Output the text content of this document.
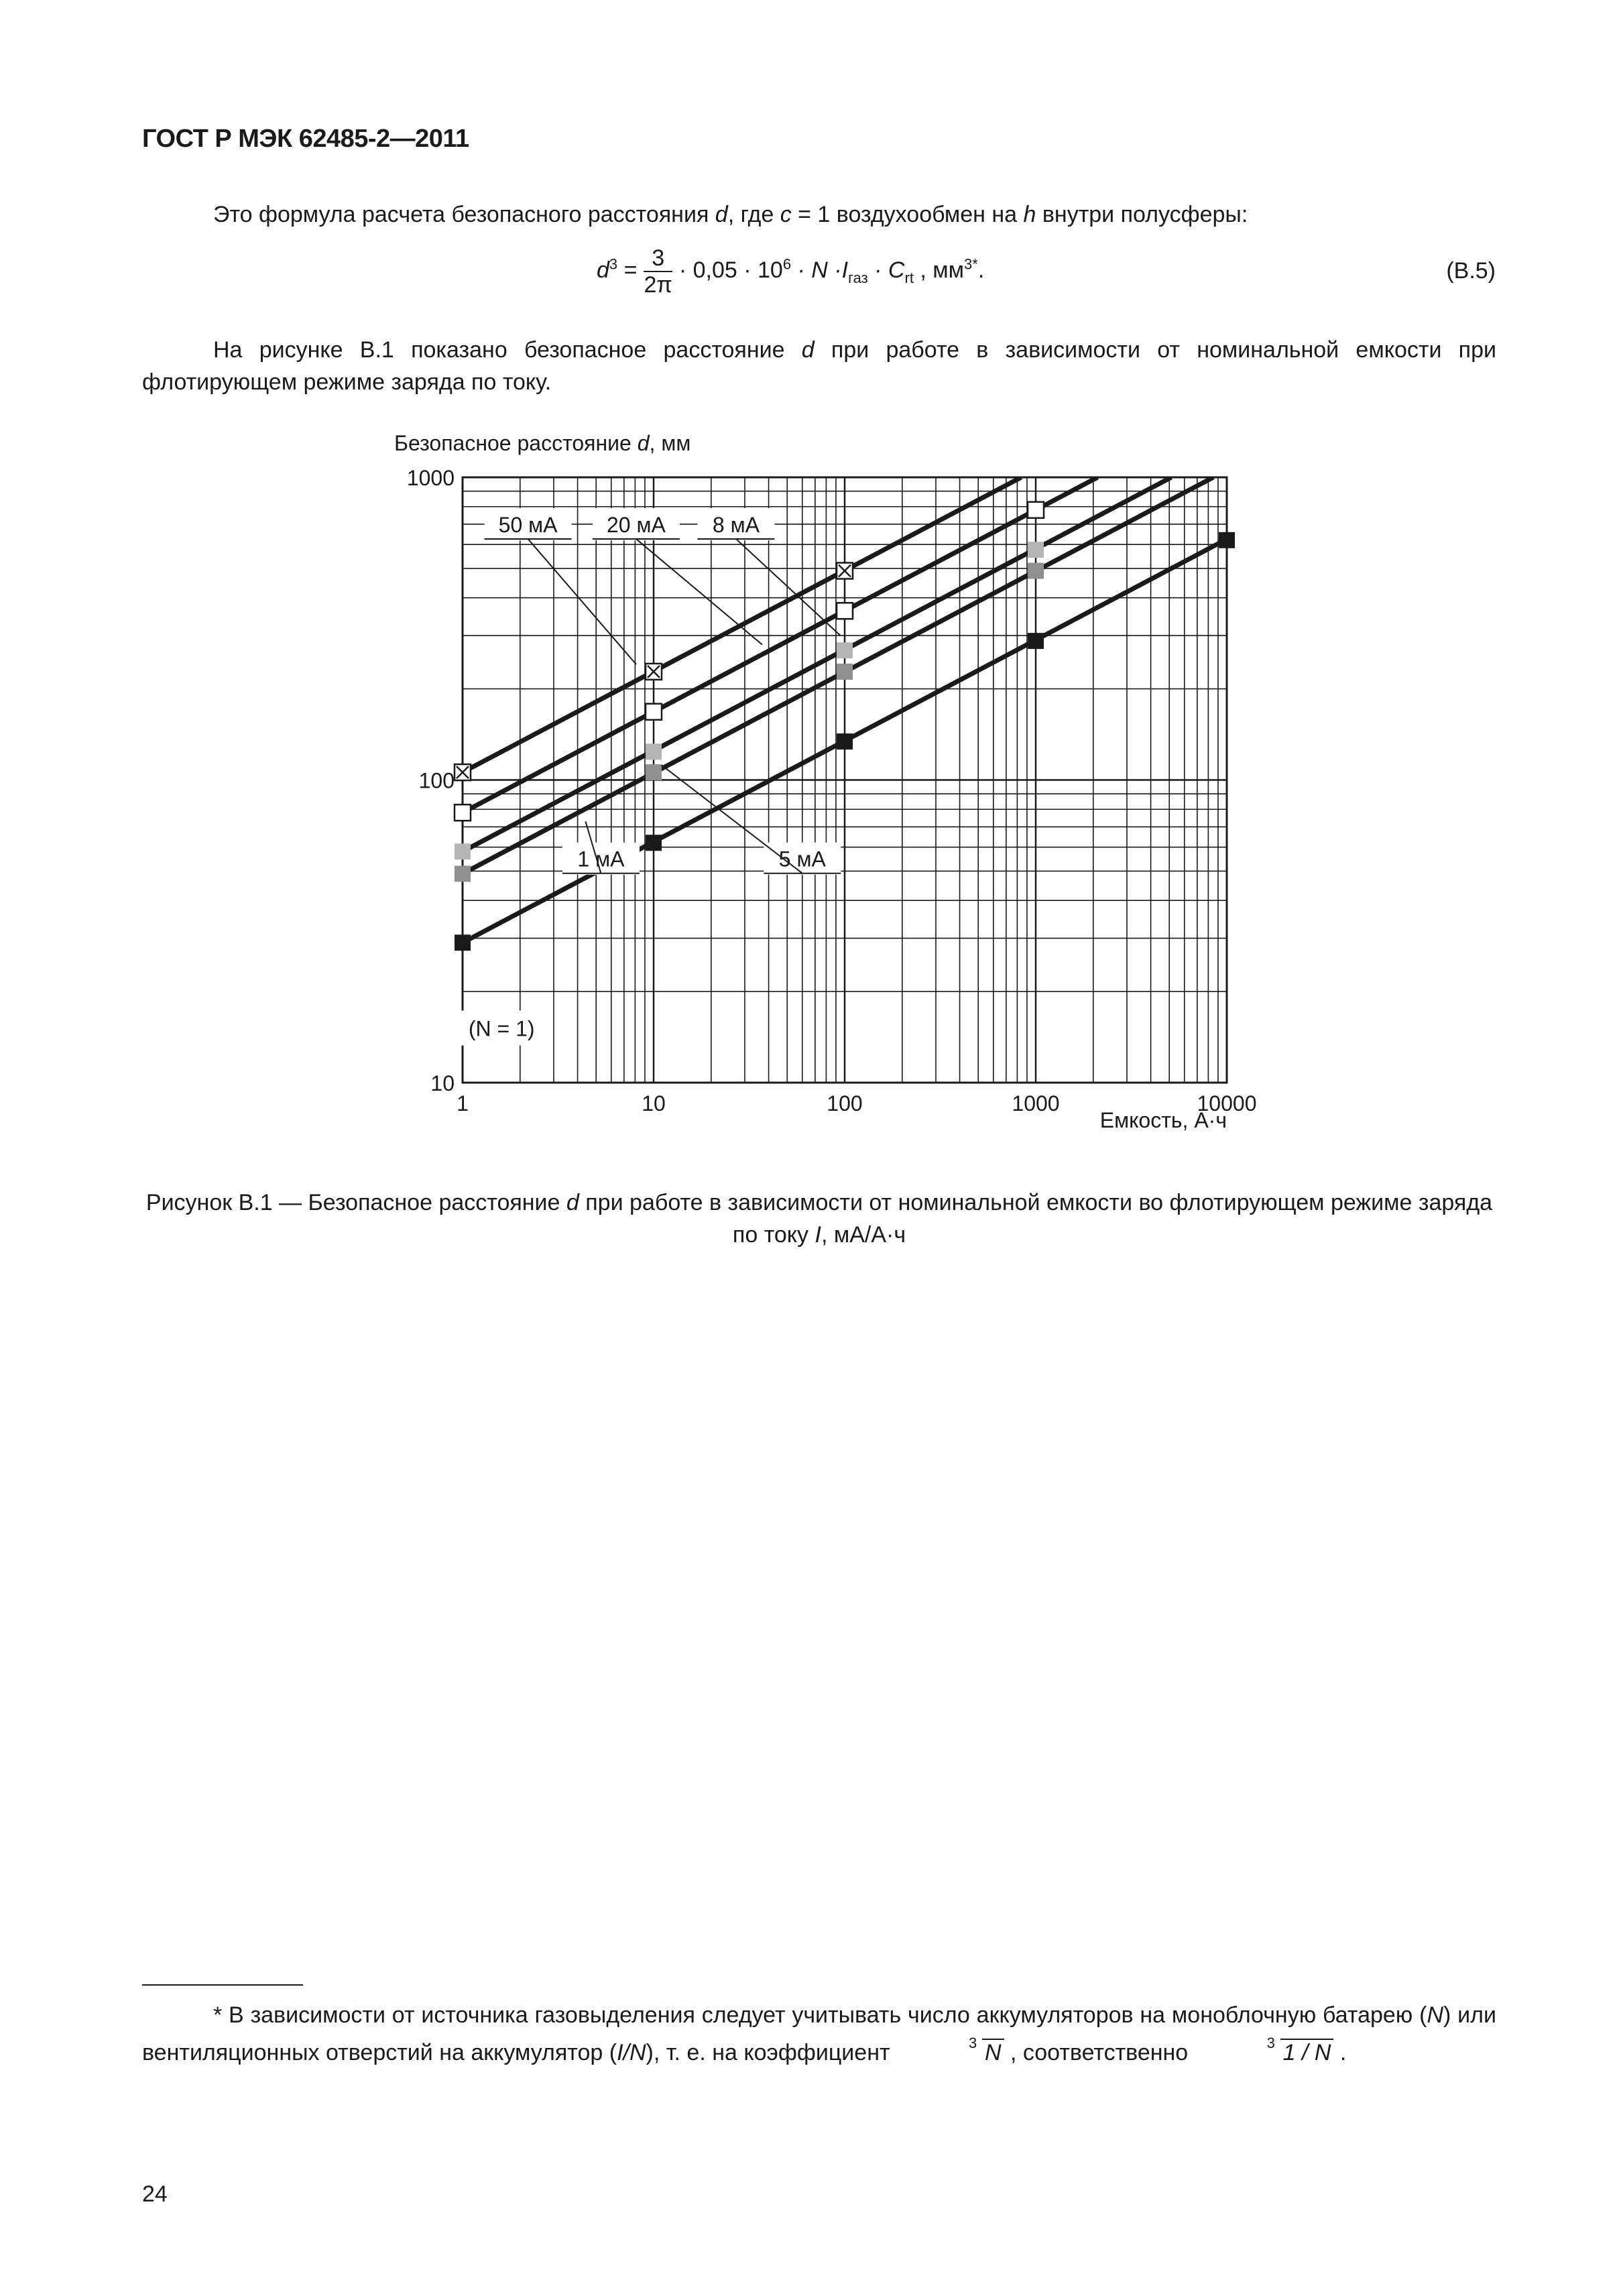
ГОСТ Р МЭК 62485-2—2011
Это формула расчета безопасного расстояния d, где c = 1 воздухообмен на h внутри полусферы:
$d^3 = \frac{3}{2\pi} \cdot 0,05 \cdot 10^6 \cdot N \cdot I_{газ} \cdot C_{rt}$ , $мм^{3*}$.	(В.5)
На рисунке В.1 показано безопасное расстояние d при работе в зависимости от номинальной емкости при флотирующем режиме заряда по току.
Безопасное расстояние d, мм
1	10	100	1000	10000
10
100
1000
50 мА 20 мА 8 мА
5 мА
1 мА
(N = 1)
Емкость, А·ч
Рисунок В.1 — Безопасное расстояние d при работе в зависимости от номинальной емкости во флотирующем режиме заряда по току I, мА/А·ч
* В зависимости от источника газовыделения следует учитывать число аккумуляторов на моноблочную батарею (N) или вентиляционных отверстий на аккумулятор (I/N), т. е. на коэффициент	3 N , соответственно	3 1 / N .
24
